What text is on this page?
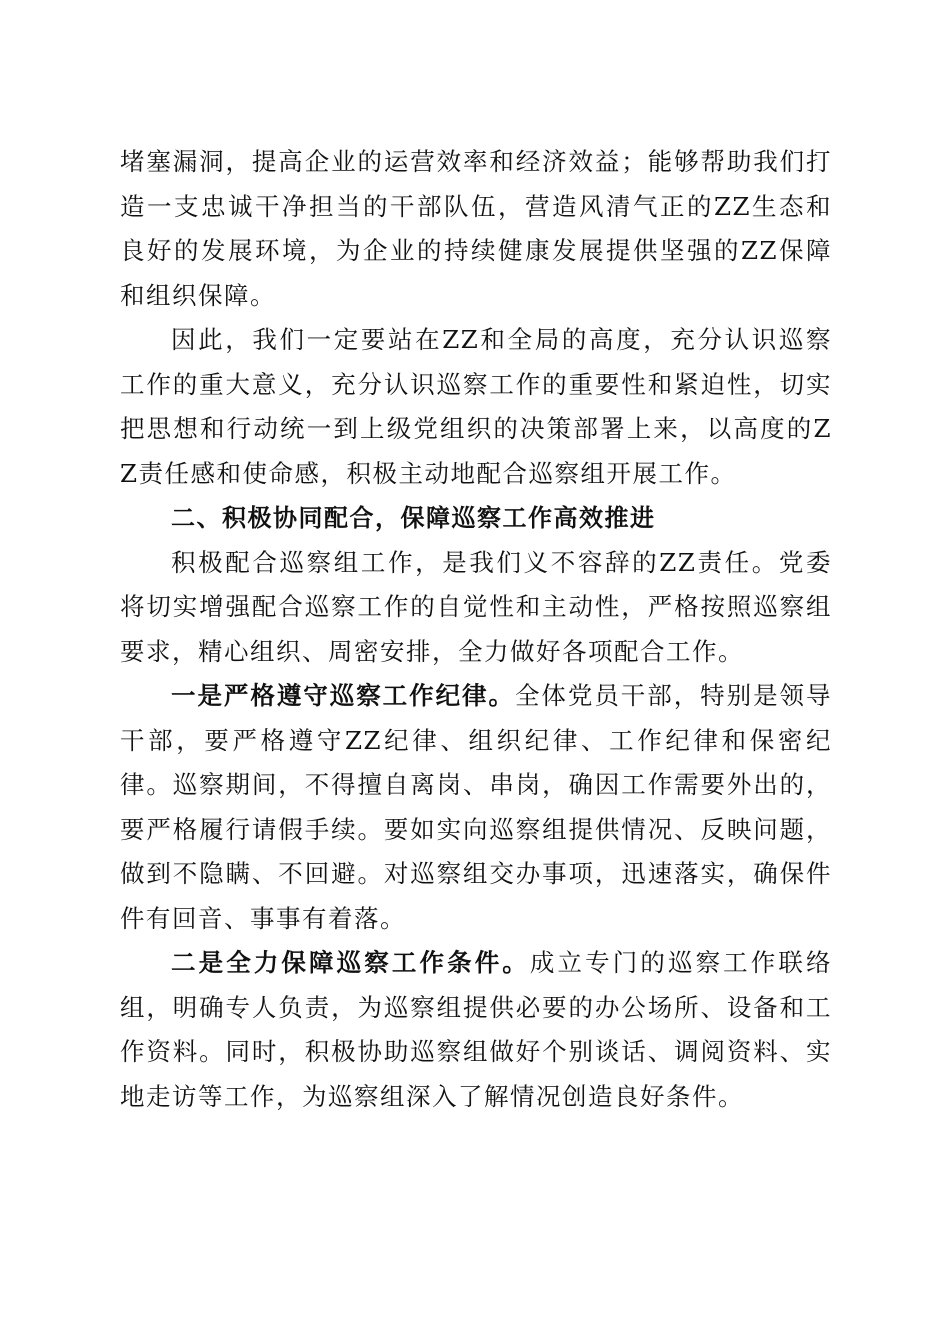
堵塞漏洞，提高企业的运营效率和经济效益；能够帮助我们打造一支忠诚干净担当的干部队伍，营造风清气正的ZZ生态和良好的发展环境，为企业的持续健康发展提供坚强的ZZ保障和组织保障。

因此，我们一定要站在ZZ和全局的高度，充分认识巡察工作的重大意义，充分认识巡察工作的重要性和紧迫性，切实把思想和行动统一到上级党组织的决策部署上来，以高度的ZZ责任感和使命感，积极主动地配合巡察组开展工作。

二、积极协同配合，保障巡察工作高效推进

积极配合巡察组工作，是我们义不容辞的ZZ责任。党委将切实增强配合巡察工作的自觉性和主动性，严格按照巡察组要求，精心组织、周密安排，全力做好各项配合工作。

一是严格遵守巡察工作纪律。全体党员干部，特别是领导干部，要严格遵守ZZ纪律、组织纪律、工作纪律和保密纪律。巡察期间，不得擅自离岗、串岗，确因工作需要外出的，要严格履行请假手续。要如实向巡察组提供情况、反映问题，做到不隐瞒、不回避。对巡察组交办事项，迅速落实，确保件件有回音、事事有着落。

二是全力保障巡察工作条件。成立专门的巡察工作联络组，明确专人负责，为巡察组提供必要的办公场所、设备和工作资料。同时，积极协助巡察组做好个别谈话、调阅资料、实地走访等工作，为巡察组深入了解情况创造良好条件。
